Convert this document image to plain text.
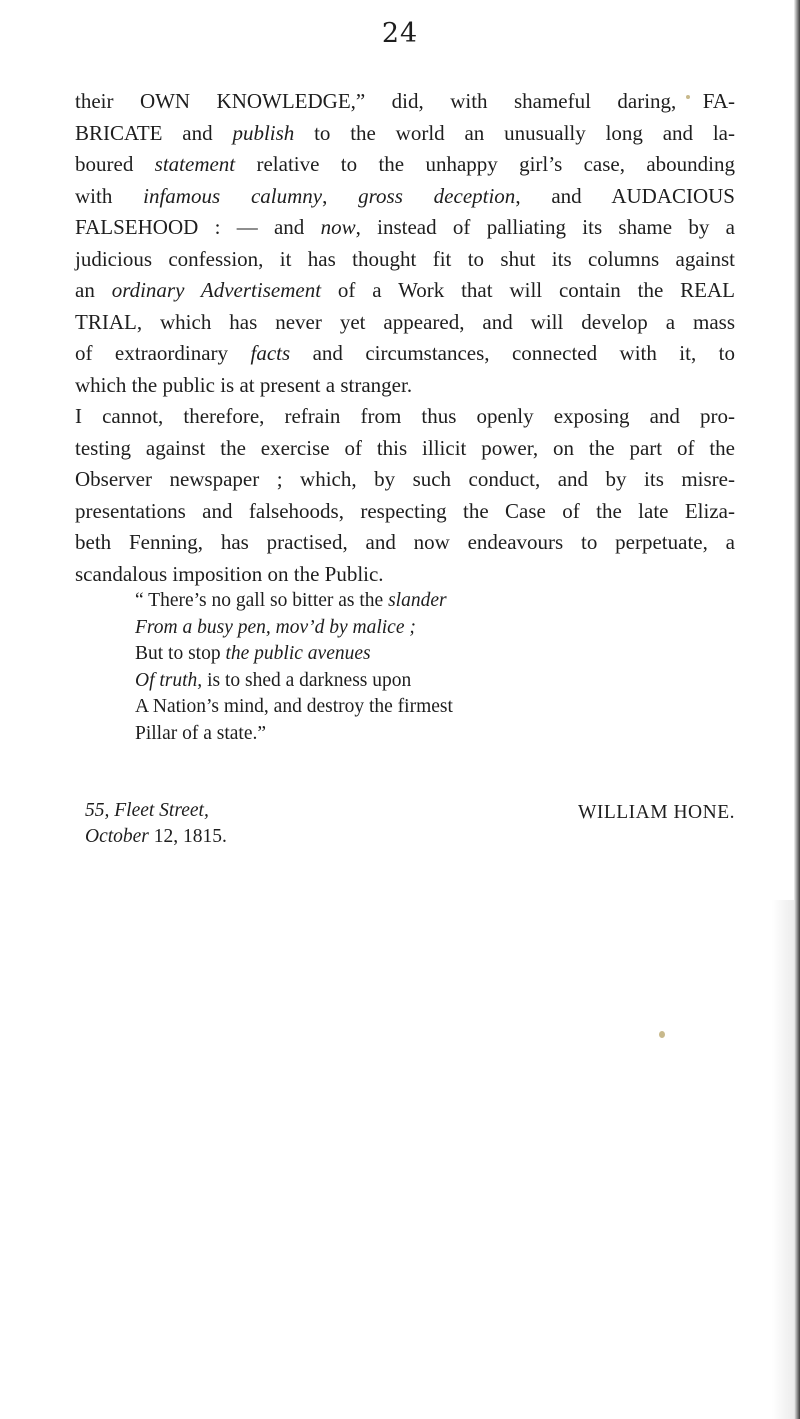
24
their OWN KNOWLEDGE,” did, with shameful daring, FA-
BRICATE and publish to the world an unusually long and la-
boured statement relative to the unhappy girl’s case, abounding
with infamous calumny, gross deception, and AUDACIOUS
FALSEHOOD : — and now, instead of palliating its shame by a
judicious confession, it has thought fit to shut its columns against
an ordinary Advertisement of a Work that will contain the REAL
TRIAL, which has never yet appeared, and will develop a mass
of extraordinary facts and circumstances, connected with it, to
which the public is at present a stranger.
I cannot, therefore, refrain from thus openly exposing and pro-
testing against the exercise of this illicit power, on the part of the
Observer newspaper ; which, by such conduct, and by its misre-
presentations and falsehoods, respecting the Case of the late Eliza-
beth Fenning, has practised, and now endeavours to perpetuate, a
scandalous imposition on the Public.
“ There’s no gall so bitter as the slander
From a busy pen, mov’d by malice ;
But to stop the public avenues
Of truth, is to shed a darkness upon
A Nation’s mind, and destroy the firmest
Pillar of a state.”
55, Fleet Street,
October 12, 1815.
WILLIAM HONE.
